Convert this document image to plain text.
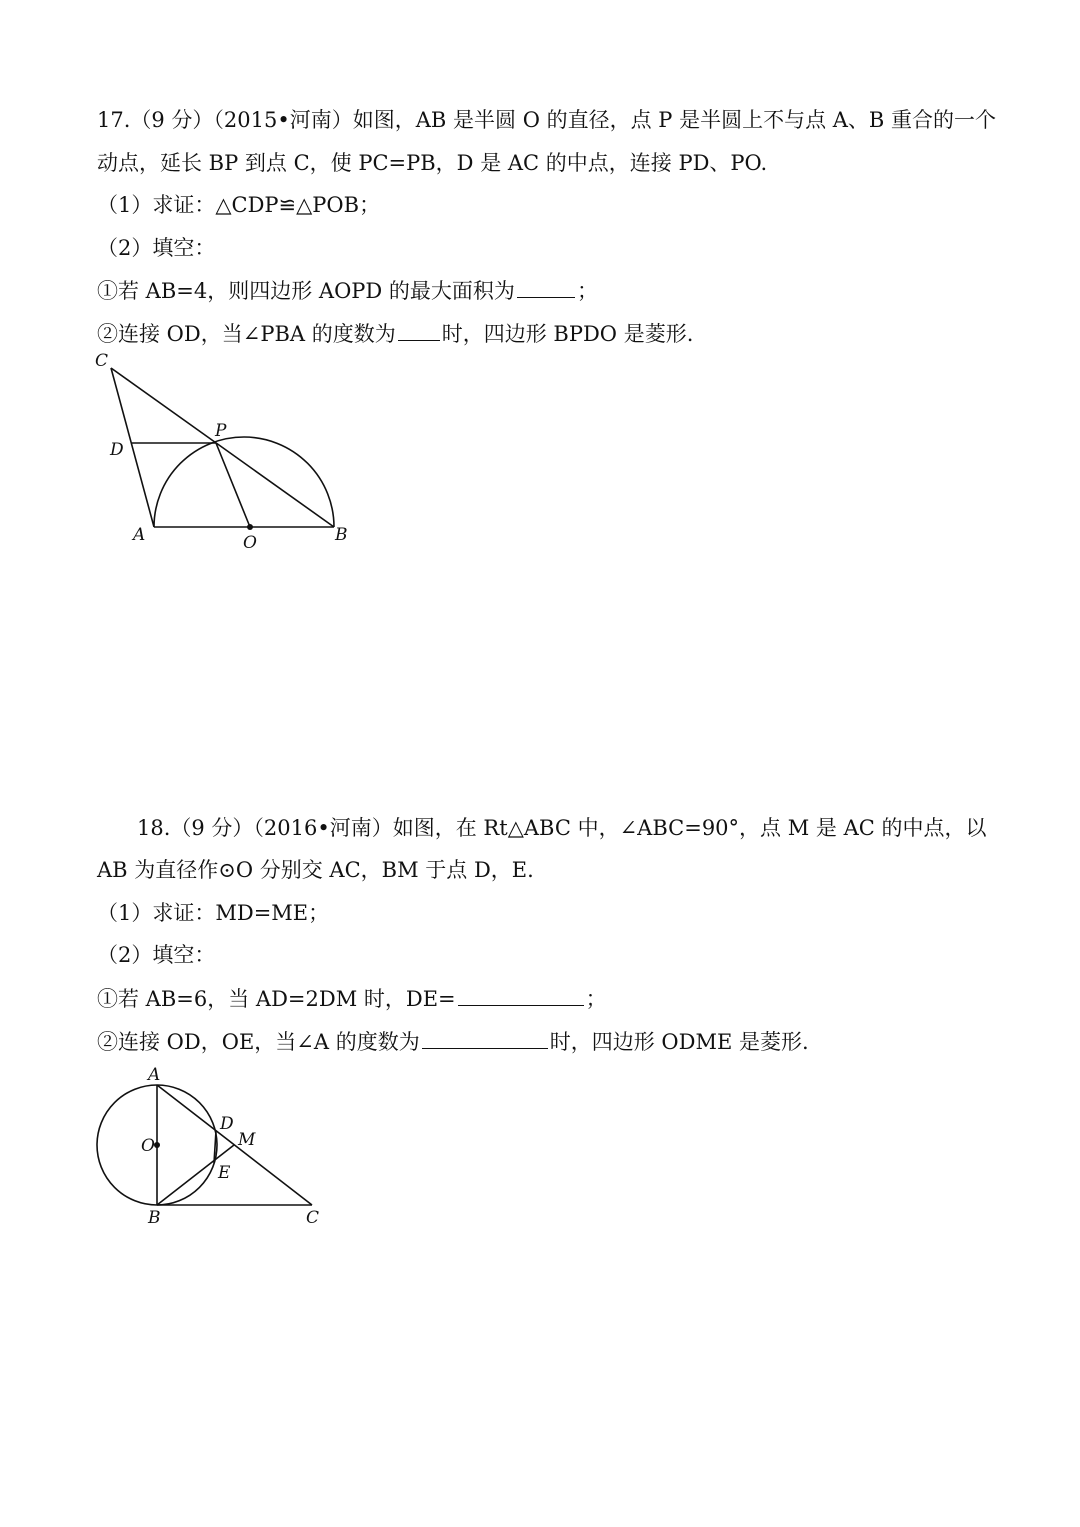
17.（9 分）（2015•河南）如图，AB 是半圆 O 的直径，点 P 是半圆上不与点 A、B 重合的一个
动点，延长 BP 到点 C，使 PC=PB，D 是 AC 的中点，连接 PD、PO.
（1）求证：△CDP≌△POB；
（2）填空：
①若 AB=4，则四边形 AOPD 的最大面积为	；
②连接 OD，当∠PBA 的度数为 时，四边形 BPDO 是菱形.
C
D
P
A	O	B
18.（9 分）（2016•河南）如图，在 Rt△ABC 中，∠ABC=90°，点 M 是 AC 的中点，以
AB 为直径作⊙O 分别交 AC，BM 于点 D，E.
（1）求证：MD=ME；
（2）填空：
①若 AB=6，当 AD=2DM 时，DE=	；
②连接 OD，OE，当∠A 的度数为	时，四边形 ODME 是菱形.
A
O
D
M
E
B	C
